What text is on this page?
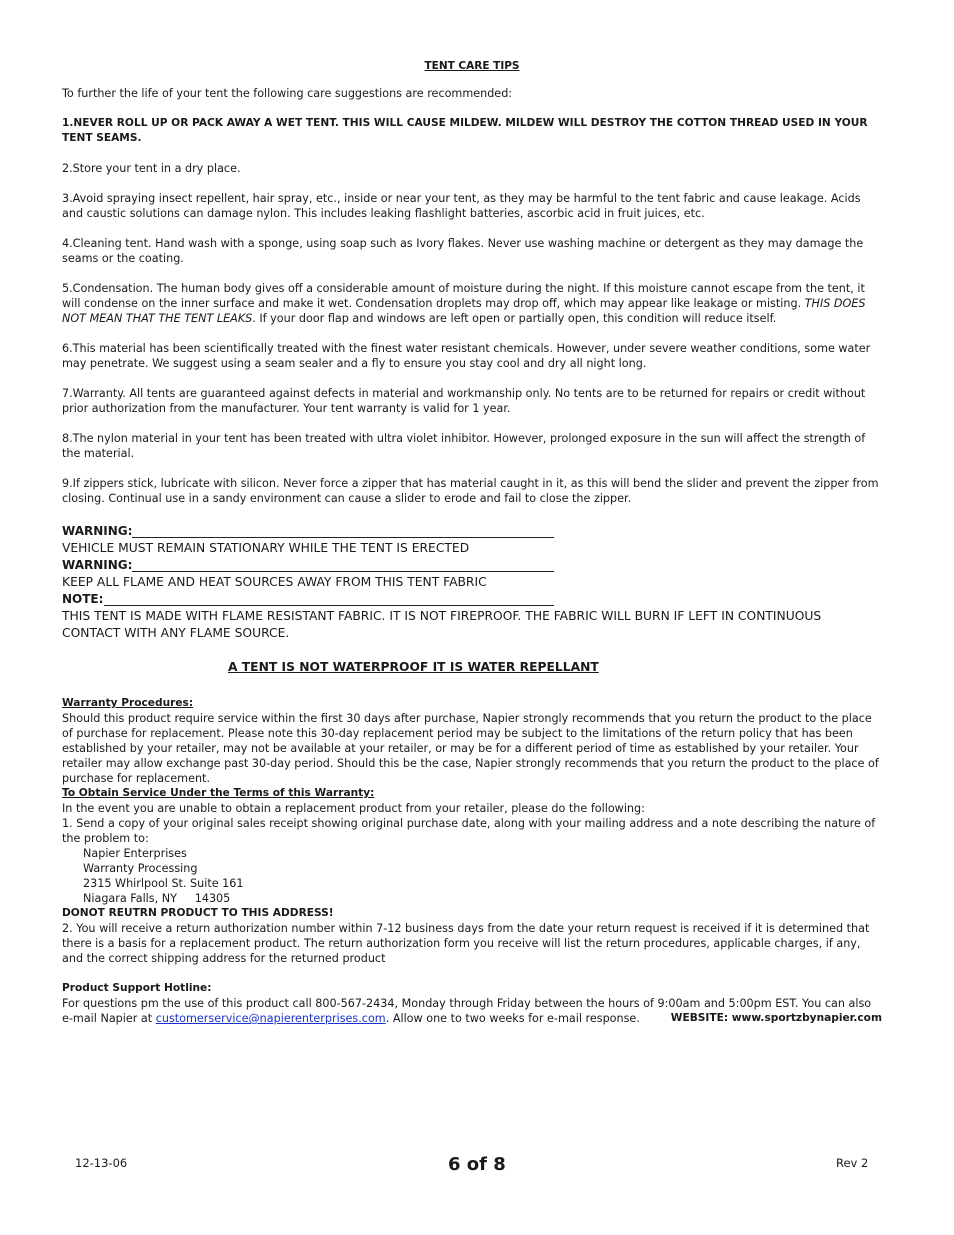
TENT CARE TIPS

To further the life of your tent the following care suggestions are recommended:

1.NEVER ROLL UP OR PACK AWAY A WET TENT. THIS WILL CAUSE MILDEW. MILDEW WILL DESTROY THE COTTON THREAD USED IN YOUR TENT SEAMS.

2.Store your tent in a dry place.

3.Avoid spraying insect repellent, hair spray, etc., inside or near your tent, as they may be harmful to the tent fabric and cause leakage. Acids and caustic solutions can damage nylon. This includes leaking flashlight batteries, ascorbic acid in fruit juices, etc.

4.Cleaning tent. Hand wash with a sponge, using soap such as Ivory flakes. Never use washing machine or detergent as they may damage the seams or the coating.

5.Condensation. The human body gives off a considerable amount of moisture during the night. If this moisture cannot escape from the tent, it will condense on the inner surface and make it wet. Condensation droplets may drop off, which may appear like leakage or misting. THIS DOES NOT MEAN THAT THE TENT LEAKS. If your door flap and windows are left open or partially open, this condition will reduce itself.

6.This material has been scientifically treated with the finest water resistant chemicals. However, under severe weather conditions, some water may penetrate. We suggest using a seam sealer and a fly to ensure you stay cool and dry all night long.

7.Warranty. All tents are guaranteed against defects in material and workmanship only. No tents are to be returned for repairs or credit without prior authorization from the manufacturer. Your tent warranty is valid for 1 year.

8.The nylon material in your tent has been treated with ultra violet inhibitor. However, prolonged exposure in the sun will affect the strength of the material.

9.If zippers stick, lubricate with silicon. Never force a zipper that has material caught in it, as this will bend the slider and prevent the zipper from closing. Continual use in a sandy environment can cause a slider to erode and fail to close the zipper.

WARNING:
VEHICLE MUST REMAIN STATIONARY WHILE THE TENT IS ERECTED
WARNING:
KEEP ALL FLAME AND HEAT SOURCES AWAY FROM THIS TENT FABRIC
NOTE:
THIS TENT IS MADE WITH FLAME RESISTANT FABRIC. IT IS NOT FIREPROOF. THE FABRIC WILL BURN IF LEFT IN CONTINUOUS CONTACT WITH ANY FLAME SOURCE.
A TENT IS NOT WATERPROOF IT IS WATER REPELLANT
Warranty Procedures:
Should this product require service within the first 30 days after purchase, Napier strongly recommends that you return the product to the place of purchase for replacement. Please note this 30-day replacement period may be subject to the limitations of the return policy that has been established by your retailer, may not be available at your retailer, or may be for a different period of time as established by your retailer. Your retailer may allow exchange past 30-day period. Should this be the case, Napier strongly recommends that you return the product to the place of purchase for replacement.
To Obtain Service Under the Terms of this Warranty:
In the event you are unable to obtain a replacement product from your retailer, please do the following:
1. Send a copy of your original sales receipt showing original purchase date, along with your mailing address and a note describing the nature of the problem to:
Napier Enterprises
Warranty Processing
2315 Whirlpool St. Suite 161
Niagara Falls, NY     14305
DONOT REUTRN PRODUCT TO THIS ADDRESS!
2. You will receive a return authorization number within 7-12 business days from the date your return request is received if it is determined that there is a basis for a replacement product. The return authorization form you receive will list the return procedures, applicable charges, if any, and the correct shipping address for the returned product
Product Support Hotline:
For questions pm the use of this product call 800-567-2434, Monday through Friday between the hours of 9:00am and 5:00pm EST. You can also e-mail Napier at customerservice@napierenterprises.com. Allow one to two weeks for e-mail response.	WEBSITE: www.sportzbynapier.com
12-13-06	6 of 8	Rev 2
